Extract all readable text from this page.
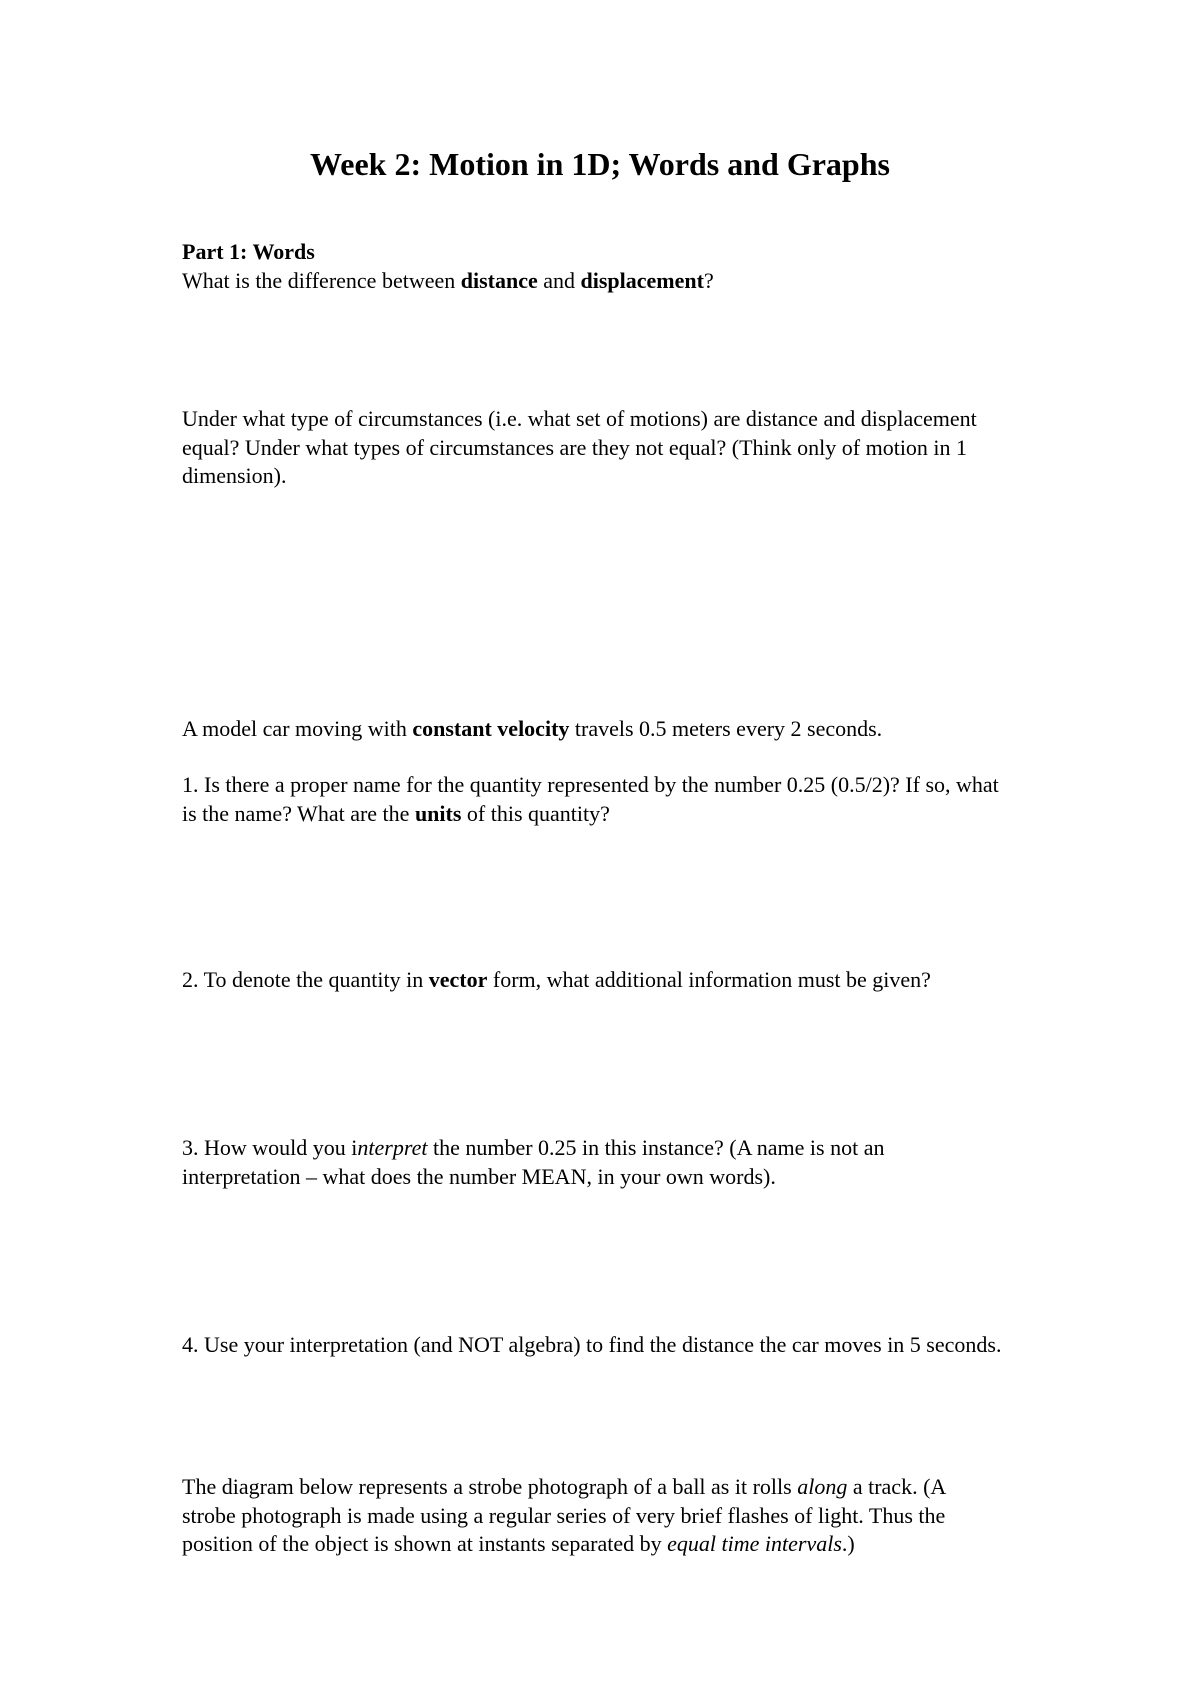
Week 2: Motion in 1D; Words and Graphs
Part 1: Words
What is the difference between distance and displacement?
Under what type of circumstances (i.e. what set of motions) are distance and displacement
equal? Under what types of circumstances are they not equal? (Think only of motion in 1
dimension).
A model car moving with constant velocity travels 0.5 meters every 2 seconds.
1. Is there a proper name for the quantity represented by the number 0.25 (0.5/2)? If so, what
is the name? What are the units of this quantity?
2. To denote the quantity in vector form, what additional information must be given?
3. How would you interpret the number 0.25 in this instance? (A name is not an
interpretation – what does the number MEAN, in your own words).
4. Use your interpretation (and NOT algebra) to find the distance the car moves in 5 seconds.
The diagram below represents a strobe photograph of a ball as it rolls along a track. (A
strobe photograph is made using a regular series of very brief flashes of light. Thus the
position of the object is shown at instants separated by equal time intervals.)
